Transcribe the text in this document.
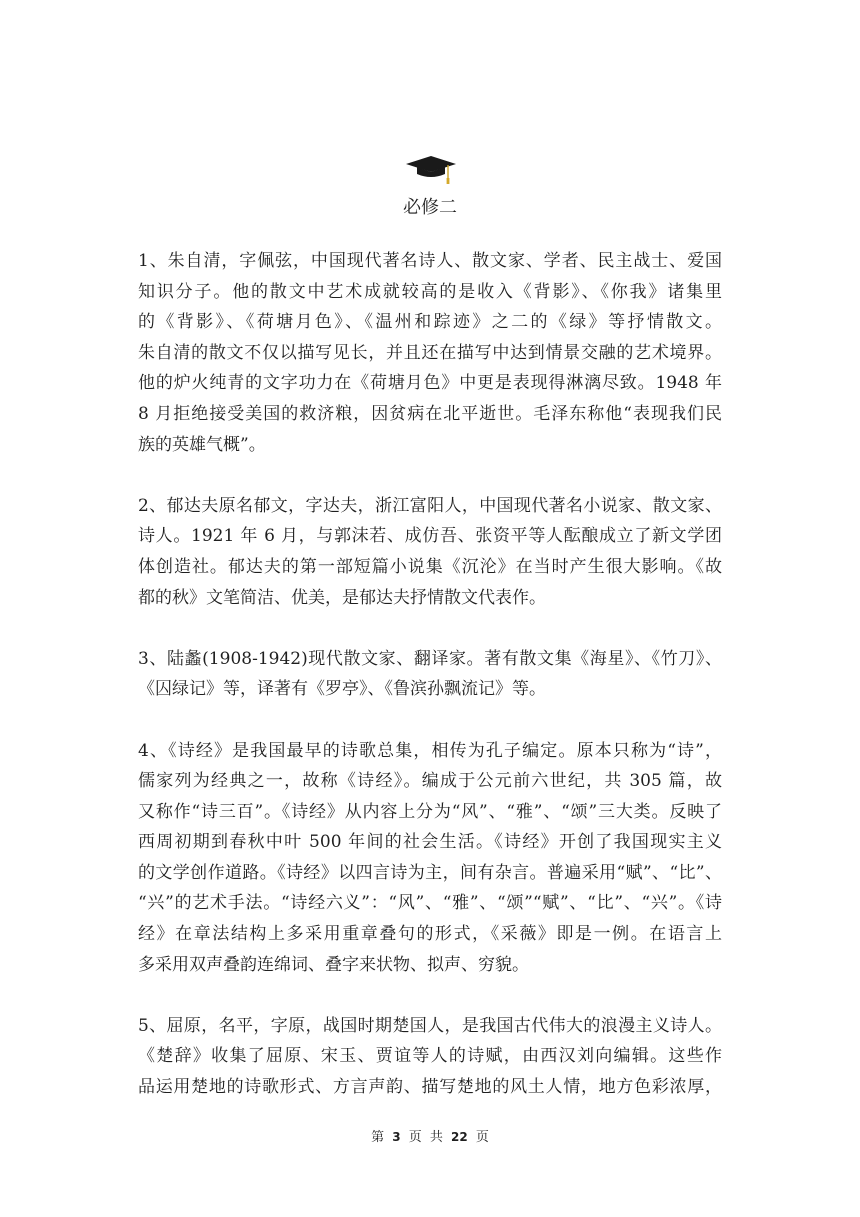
必修二
1、朱自清，字佩弦，中国现代著名诗人、散文家、学者、民主战士、爱国
知识分子。他的散文中艺术成就较高的是收入《背影》、《你我》诸集里
的《背影》、《荷塘月色》、《温州和踪迹》之二的《绿》等抒情散文。
朱自清的散文不仅以描写见长，并且还在描写中达到情景交融的艺术境界。
他的炉火纯青的文字功力在《荷塘月色》中更是表现得淋漓尽致。1948 年
8 月拒绝接受美国的救济粮，因贫病在北平逝世。毛泽东称他“表现我们民
族的英雄气概”。
2、郁达夫原名郁文，字达夫，浙江富阳人，中国现代著名小说家、散文家、
诗人。1921 年 6 月，与郭沫若、成仿吾、张资平等人酝酿成立了新文学团
体创造社。郁达夫的第一部短篇小说集《沉沦》在当时产生很大影响。《故
都的秋》文笔简洁、优美，是郁达夫抒情散文代表作。
3、陆蠡(1908-1942)现代散文家、翻译家。著有散文集《海星》、《竹刀》、
《囚绿记》等，译著有《罗亭》、《鲁滨孙飘流记》等。
4、《诗经》是我国最早的诗歌总集，相传为孔子编定。原本只称为“诗”，
儒家列为经典之一，故称《诗经》。编成于公元前六世纪，共 305 篇，故
又称作“诗三百”。《诗经》从内容上分为“风”、“雅”、“颂”三大类。反映了
西周初期到春秋中叶 500 年间的社会生活。《诗经》开创了我国现实主义
的文学创作道路。《诗经》以四言诗为主，间有杂言。普遍采用“赋”、“比”、
“兴”的艺术手法。“诗经六义”：“风”、“雅”、“颂”“赋”、“比”、“兴”。《诗
经》在章法结构上多采用重章叠句的形式，《采薇》即是一例。在语言上
多采用双声叠韵连绵词、叠字来状物、拟声、穷貌。
5、屈原，名平，字原，战国时期楚国人，是我国古代伟大的浪漫主义诗人。
《楚辞》收集了屈原、宋玉、贾谊等人的诗赋，由西汉刘向编辑。这些作
品运用楚地的诗歌形式、方言声韵、描写楚地的风土人情，地方色彩浓厚，
第 3 页 共 22 页
